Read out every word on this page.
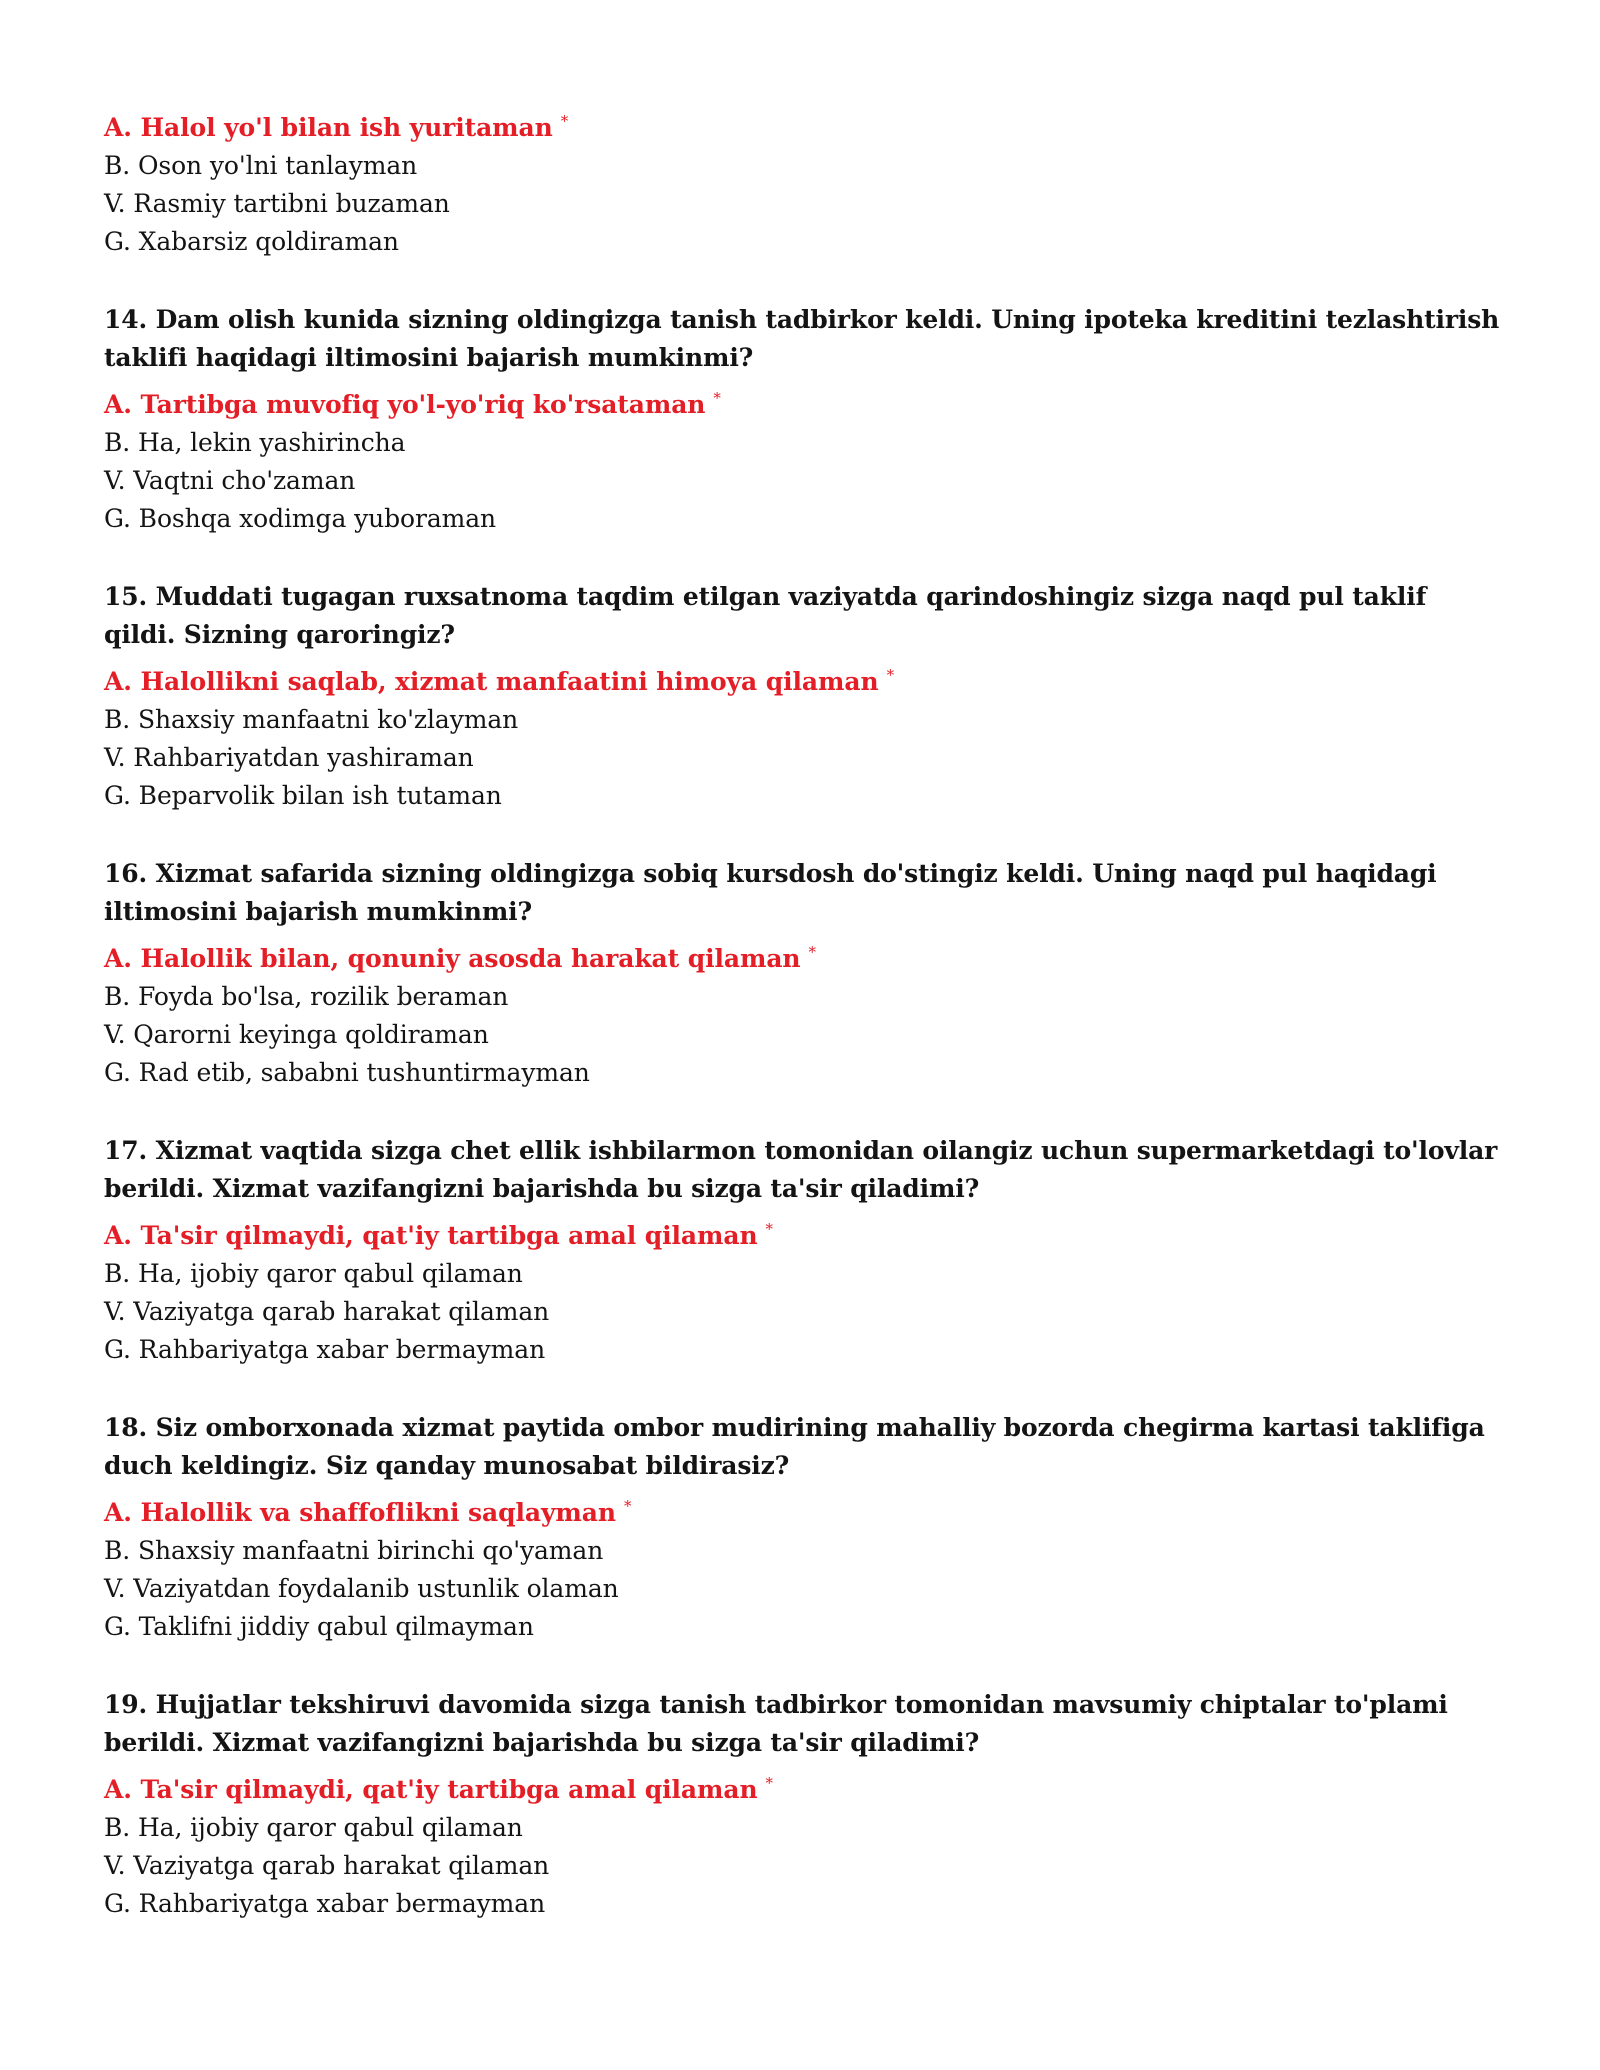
A. Halol yo'l bilan ish yuritaman *

B. Oson yo'lni tanlayman

V. Rasmiy tartibni buzaman

G. Xabarsiz qoldiraman

14. Dam olish kunida sizning oldingizga tanish tadbirkor keldi. Uning ipoteka kreditini tezlashtirish taklifi haqidagi iltimosini bajarish mumkinmi?

A. Tartibga muvofiq yo'l-yo'riq ko'rsataman *

B. Ha, lekin yashirincha

V. Vaqtni cho'zaman

G. Boshqa xodimga yuboraman

15. Muddati tugagan ruxsatnoma taqdim etilgan vaziyatda qarindoshingiz sizga naqd pul taklif qildi. Sizning qaroringiz?

A. Halollikni saqlab, xizmat manfaatini himoya qilaman *

B. Shaxsiy manfaatni ko'zlayman

V. Rahbariyatdan yashiraman

G. Beparvolik bilan ish tutaman

16. Xizmat safarida sizning oldingizga sobiq kursdosh do'stingiz keldi. Uning naqd pul haqidagi iltimosini bajarish mumkinmi?

A. Halollik bilan, qonuniy asosda harakat qilaman *

B. Foyda bo'lsa, rozilik beraman

V. Qarorni keyinga qoldiraman

G. Rad etib, sababni tushuntirmayman

17. Xizmat vaqtida sizga chet ellik ishbilarmon tomonidan oilangiz uchun supermarketdagi to'lovlar berildi. Xizmat vazifangizni bajarishda bu sizga ta'sir qiladimi?

A. Ta'sir qilmaydi, qat'iy tartibga amal qilaman *

B. Ha, ijobiy qaror qabul qilaman

V. Vaziyatga qarab harakat qilaman

G. Rahbariyatga xabar bermayman

18. Siz omborxonada xizmat paytida ombor mudirining mahalliy bozorda chegirma kartasi taklifiga duch keldingiz. Siz qanday munosabat bildirasiz?

A. Halollik va shaffoflikni saqlayman *

B. Shaxsiy manfaatni birinchi qo'yaman

V. Vaziyatdan foydalanib ustunlik olaman

G. Taklifni jiddiy qabul qilmayman

19. Hujjatlar tekshiruvi davomida sizga tanish tadbirkor tomonidan mavsumiy chiptalar to'plami berildi. Xizmat vazifangizni bajarishda bu sizga ta'sir qiladimi?

A. Ta'sir qilmaydi, qat'iy tartibga amal qilaman *

B. Ha, ijobiy qaror qabul qilaman

V. Vaziyatga qarab harakat qilaman

G. Rahbariyatga xabar bermayman
